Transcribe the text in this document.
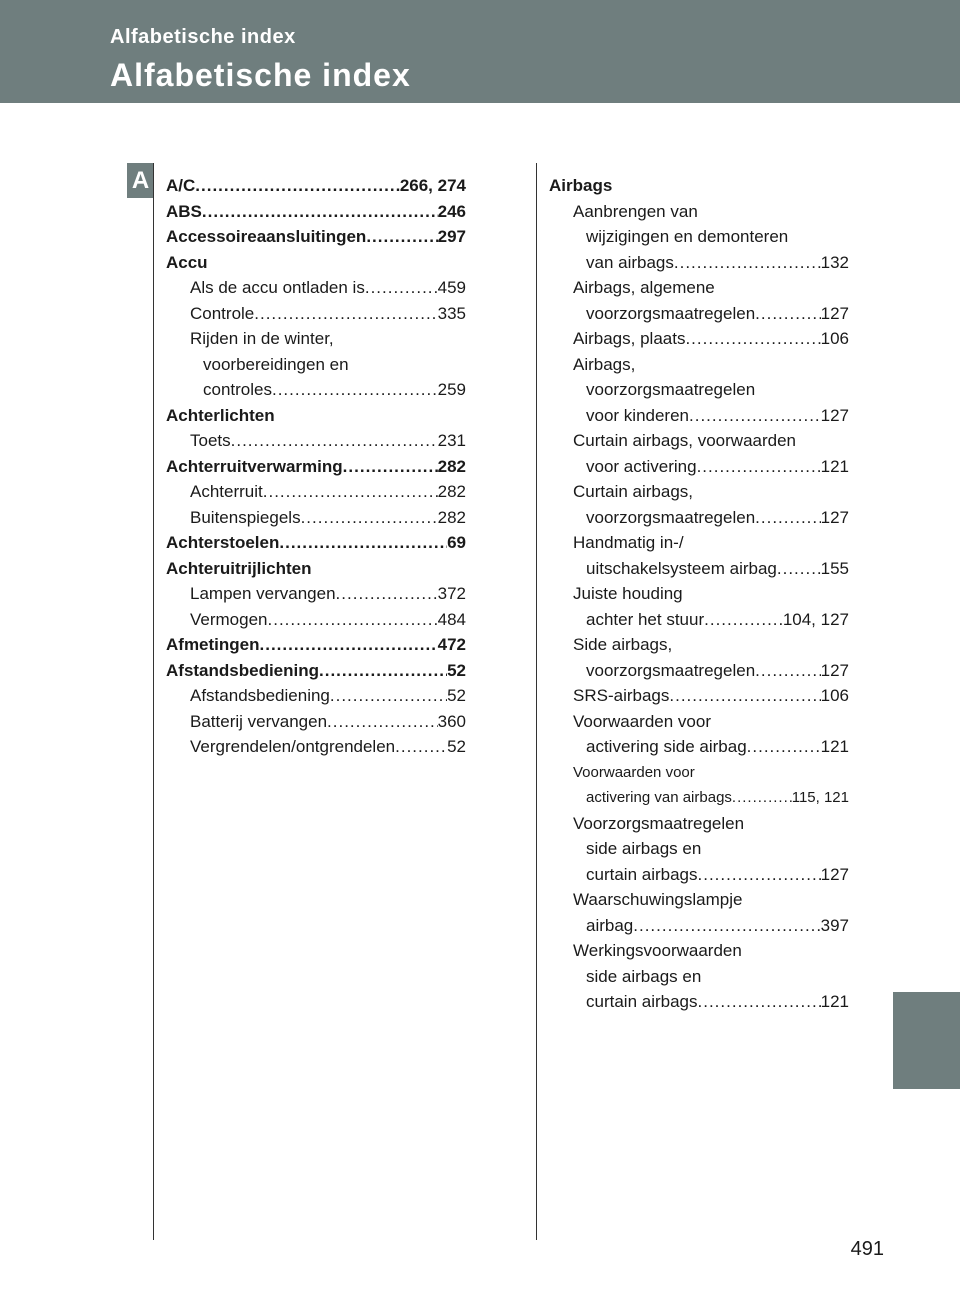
Alfabetische index
Alfabetische index
A A/C .....	266, 274
ABS .....	246
Accessoireaansluitingen .....	297
Accu
Als de accu ontladen is .....	459
Controle .....	335
Rijden in de winter,
voorbereidingen en
controles .....	259
Achterlichten
Toets .....	231
Achterruitverwarming .....	282
Achterruit .....	282
Buitenspiegels .....	282
Achterstoelen .....	69
Achteruitrijlichten
Lampen vervangen .....	372
Vermogen .....	484
Afmetingen .....	472
Afstandsbediening .....	52
Afstandsbediening .....	52
Batterij vervangen .....	360
Vergrendelen/ontgrendelen .....	52
Airbags
Aanbrengen van
wijzigingen en demonteren
van airbags .....	132
Airbags, algemene
voorzorgsmaatregelen .....	127
Airbags, plaats .....	106
Airbags,
voorzorgsmaatregelen
voor kinderen .....	127
Curtain airbags, voorwaarden
voor activering .....	121
Curtain airbags,
voorzorgsmaatregelen .....	127
Handmatig in-/
uitschakelsysteem airbag .....	155
Juiste houding
achter het stuur .....	104, 127
Side airbags,
voorzorgsmaatregelen .....	127
SRS-airbags .....	106
Voorwaarden voor
activering side airbag .....	121
Voorwaarden voor
activering van airbags .....	115, 121
Voorzorgsmaatregelen
side airbags en
curtain airbags .....	127
Waarschuwingslampje
airbag .....	397
Werkingsvoorwaarden
side airbags en
curtain airbags .....	121
491
